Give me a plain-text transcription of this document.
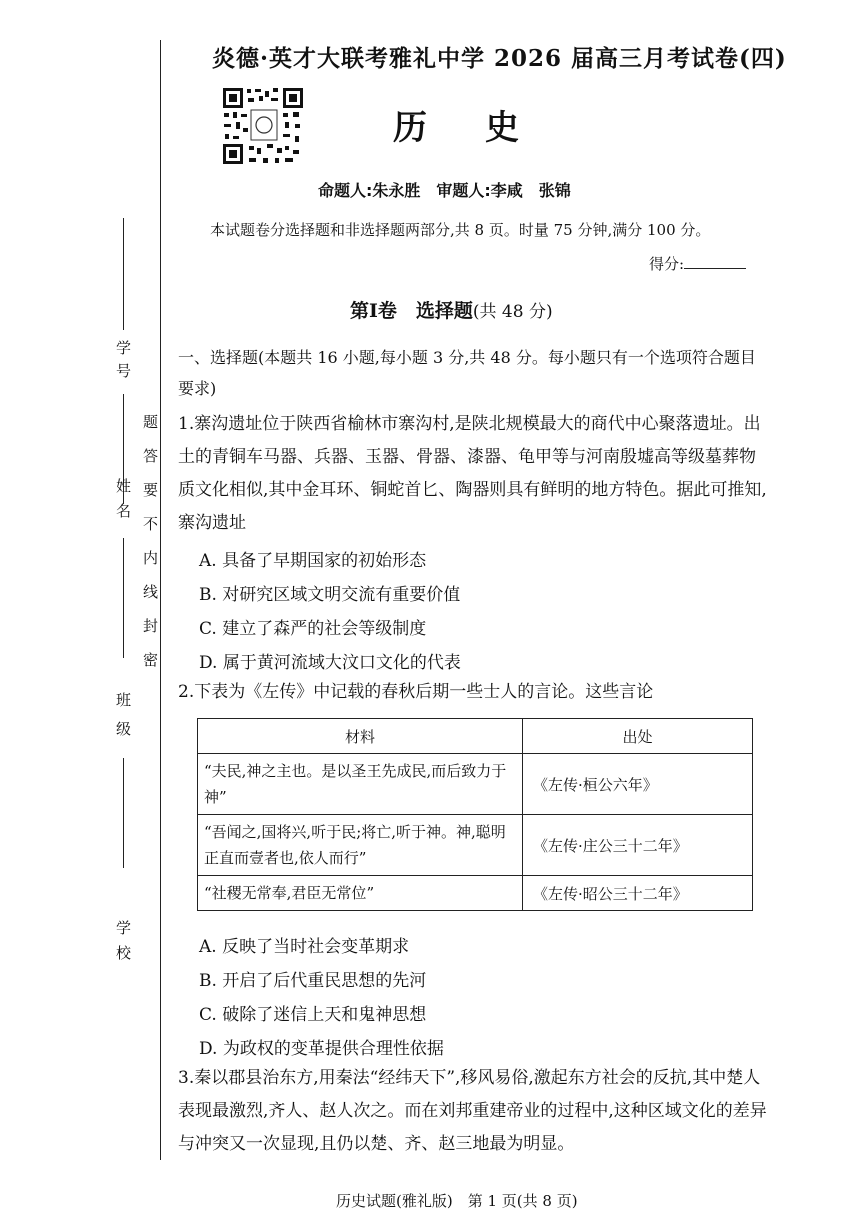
学号
姓名
班级
学校
题
答
要
不
内
线
封
密
炎德·英才大联考雅礼中学 2026 届高三月考试卷(四)
历 史
命题人:朱永胜　审题人:李咸　张锦
本试题卷分选择题和非选择题两部分,共 8 页。时量 75 分钟,满分 100 分。
得分:
第Ⅰ卷　选择题(共 48 分)
一、选择题(本题共 16 小题,每小题 3 分,共 48 分。每小题只有一个选项符合题目要求)
1.寨沟遗址位于陕西省榆林市寨沟村,是陕北规模最大的商代中心聚落遗址。出土的青铜车马器、兵器、玉器、骨器、漆器、龟甲等与河南殷墟高等级墓葬物质文化相似,其中金耳环、铜蛇首匕、陶器则具有鲜明的地方特色。据此可推知,寨沟遗址
A. 具备了早期国家的初始形态
B. 对研究区域文明交流有重要价值
C. 建立了森严的社会等级制度
D. 属于黄河流域大汶口文化的代表
2.下表为《左传》中记载的春秋后期一些士人的言论。这些言论
材料	出处
“夫民,神之主也。是以圣王先成民,而后致力于神”	《左传·桓公六年》
“吾闻之,国将兴,听于民;将亡,听于神。神,聪明正直而壹者也,依人而行”	《左传·庄公三十二年》
“社稷无常奉,君臣无常位”	《左传·昭公三十二年》
A. 反映了当时社会变革期求
B. 开启了后代重民思想的先河
C. 破除了迷信上天和鬼神思想
D. 为政权的变革提供合理性依据
3.秦以郡县治东方,用秦法“经纬天下”,移风易俗,激起东方社会的反抗,其中楚人表现最激烈,齐人、赵人次之。而在刘邦重建帝业的过程中,这种区域文化的差异与冲突又一次显现,且仍以楚、齐、赵三地最为明显。
历史试题(雅礼版)　第 1 页(共 8 页)
